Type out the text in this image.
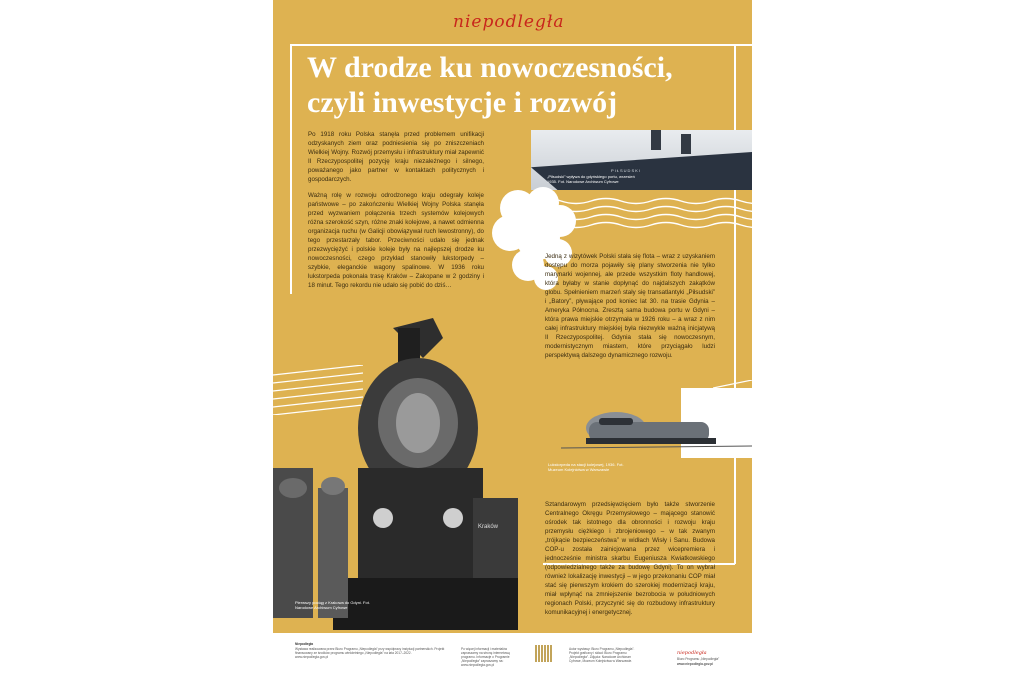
niepodległa
W drodze ku nowoczesności,
czyli inwestycje i rozwój
PIŁSUDSKI
„Piłsudski” wpływa do gdyńskiego portu, wrzesień 1935. Fot. Narodowe Archiwum Cyfrowe

Po 1918 roku Polska stanęła przed problemem unifikacji odzyskanych ziem oraz podniesienia się po zniszczeniach Wielkiej Wojny. Rozwój przemysłu i infrastruktury miał zapewnić II Rzeczypospolitej pozycję kraju niezależnego i silnego, poważanego jako partner w kontaktach politycznych i gospodarczych.

Ważną rolę w rozwoju odrodzonego kraju odegrały koleje państwowe – po zakończeniu Wielkiej Wojny Polska stanęła przed wyzwaniem połączenia trzech systemów kolejowych różna szerokość szyn, różne znaki kolejowe, a nawet odmienna organizacja ruchu (w Galicji obowiązywał ruch lewostronny), do tego przestarzały tabor. Przeciwności udało się jednak przezwyciężyć i polskie koleje były na najlepszej drodze ku nowoczesności, czego przykład stanowiły lukstorpedy – szybkie, eleganckie wagony spalinowe. W 1936 roku lukstorpeda pokonała trasę Kraków – Zakopane w 2 godziny i 18 minut. Tego rekordu nie udało się pobić do dziś…

Jedną z wizytówek Polski stała się flota – wraz z uzyskaniem dostępu do morza pojawiły się plany stworzenia nie tylko marynarki wojennej, ale przede wszystkim floty handlowej, która byłaby w stanie dopłynąć do najdalszych zakątków globu. Spełnieniem marzeń stały się transatlantyki „Piłsudski” i „Batory”, pływające pod koniec lat 30. na trasie Gdynia – Ameryka Północna. Zresztą sama budowa portu w Gdyni – która prawa miejskie otrzymała w 1926 roku – a wraz z nim całej infrastruktury miejskiej była niezwykle ważną inicjatywą II Rzeczypospolitej. Gdynia stała się nowoczesnym, modernistycznym miastem, które przyciągało ludzi perspektywą dalszego dynamicznego rozwoju.
Lukstorpeda na stacji kolejowej, 1936. Fot. Muzeum Kolejnictwa w Warszawie
Kraków
Pierwszy pociąg z Krakowa do Gdyni. Fot. Narodowe Archiwum Cyfrowe
Sztandarowym przedsięwzięciem było także stworzenie Centralnego Okręgu Przemysłowego – mającego stanowić ośrodek tak istotnego dla obronności i rozwoju kraju przemysłu ciężkiego i zbrojeniowego – w tak zwanym „trójkącie bezpieczeństwa” w widłach Wisły i Sanu. Budowa COP-u została zainicjowana przez wicepremiera i jednocześnie ministra skarbu Eugeniusza Kwiatkowskiego (odpowiedzialnego także za budowę Gdyni). To on wybrał również lokalizację inwestycji – w jego przekonaniu COP miał stać się pierwszym krokiem do szerokiej modernizacji kraju, miał wpłynąć na zmniejszenie bezrobocia w południowych regionach Polski, przyczynić się do rozbudowy infrastruktury komunikacyjnej i energetycznej.
Niepodległa
Wystawa realizowana przez Biuro Programu „Niepodległa” przy współpracy instytucji partnerskich. Projekt finansowany ze środków programu wieloletniego „Niepodległa” na lata 2017–2022. www.niepodlegla.gov.pl
Po więcej informacji i materiałów zapraszamy na stronę internetową programu. Informacje o Programie „Niepodległa” zapraszamy na: www.niepodlegla.gov.pl
Autor wystawy: Biuro Programu „Niepodległa”. Projekt graficzny i skład: Biuro Programu „Niepodległa”. Zdjęcia: Narodowe Archiwum Cyfrowe, Muzeum Kolejnictwa w Warszawie.
niepodległa
Biuro Programu „Niepodległa”
www.niepodlegla.gov.pl
